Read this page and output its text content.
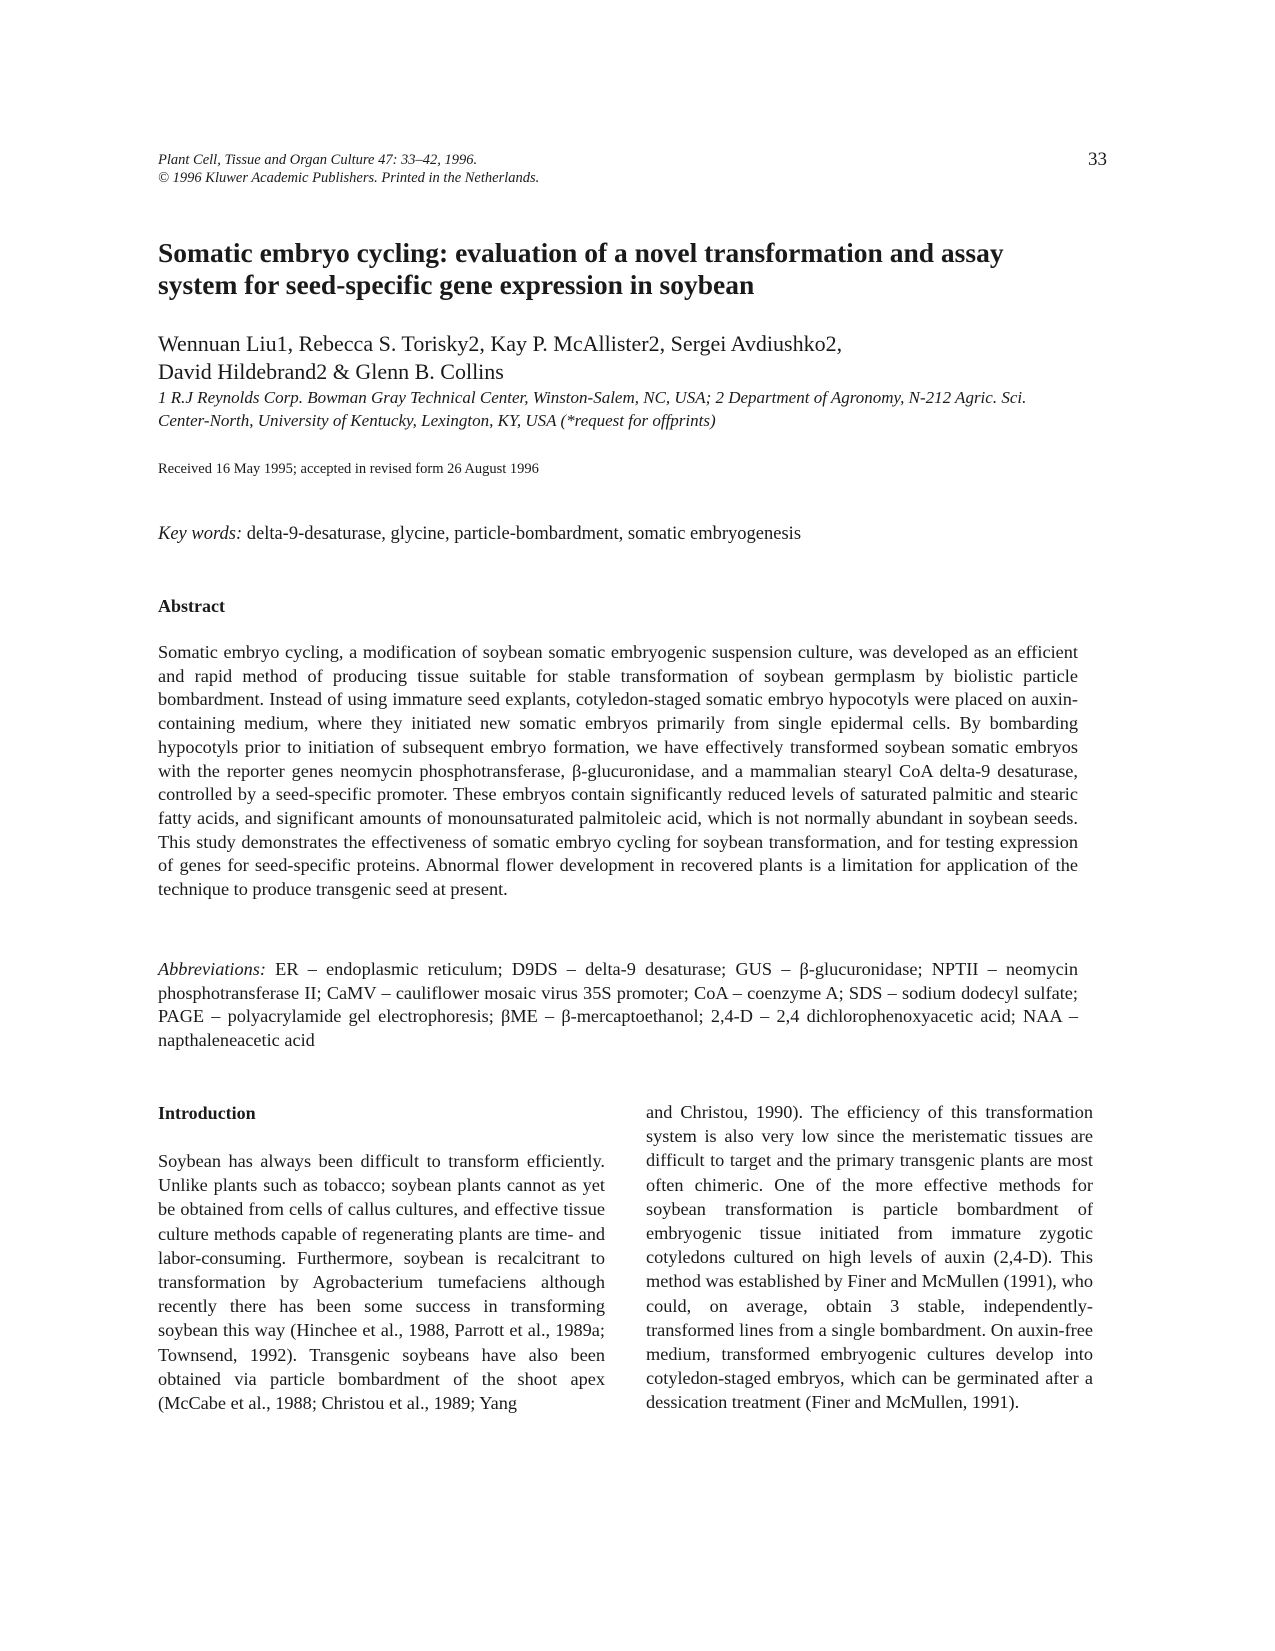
Plant Cell, Tissue and Organ Culture 47: 33–42, 1996.
© 1996 Kluwer Academic Publishers. Printed in the Netherlands.
33
Somatic embryo cycling: evaluation of a novel transformation and assay system for seed-specific gene expression in soybean
Wennuan Liu1, Rebecca S. Torisky2, Kay P. McAllister2, Sergei Avdiushko2,
David Hildebrand2 & Glenn B. Collins
1 R.J Reynolds Corp. Bowman Gray Technical Center, Winston-Salem, NC, USA; 2 Department of Agronomy, N-212 Agric. Sci. Center-North, University of Kentucky, Lexington, KY, USA (*request for offprints)
Received 16 May 1995; accepted in revised form 26 August 1996
Key words: delta-9-desaturase, glycine, particle-bombardment, somatic embryogenesis
Abstract

Somatic embryo cycling, a modification of soybean somatic embryogenic suspension culture, was developed as an efficient and rapid method of producing tissue suitable for stable transformation of soybean germplasm by biolistic particle bombardment. Instead of using immature seed explants, cotyledon-staged somatic embryo hypocotyls were placed on auxin-containing medium, where they initiated new somatic embryos primarily from single epidermal cells. By bombarding hypocotyls prior to initiation of subsequent embryo formation, we have effectively transformed soybean somatic embryos with the reporter genes neomycin phosphotransferase, β-glucuronidase, and a mammalian stearyl CoA delta-9 desaturase, controlled by a seed-specific promoter. These embryos contain significantly reduced levels of saturated palmitic and stearic fatty acids, and significant amounts of monounsaturated palmitoleic acid, which is not normally abundant in soybean seeds. This study demonstrates the effectiveness of somatic embryo cycling for soybean transformation, and for testing expression of genes for seed-specific proteins. Abnormal flower development in recovered plants is a limitation for application of the technique to produce transgenic seed at present.

Abbreviations: ER – endoplasmic reticulum; D9DS – delta-9 desaturase; GUS – β-glucuronidase; NPTII – neomycin phosphotransferase II; CaMV – cauliflower mosaic virus 35S promoter; CoA – coenzyme A; SDS – sodium dodecyl sulfate; PAGE – polyacrylamide gel electrophoresis; βME – β-mercaptoethanol; 2,4-D – 2,4 dichlorophenoxyacetic acid; NAA – napthaleneacetic acid

Introduction

Soybean has always been difficult to transform efficiently. Unlike plants such as tobacco; soybean plants cannot as yet be obtained from cells of callus cultures, and effective tissue culture methods capable of regenerating plants are time- and labor-consuming. Furthermore, soybean is recalcitrant to transformation by Agrobacterium tumefaciens although recently there has been some success in transforming soybean this way (Hinchee et al., 1988, Parrott et al., 1989a; Townsend, 1992). Transgenic soybeans have also been obtained via particle bombardment of the shoot apex (McCabe et al., 1988; Christou et al., 1989; Yang

and Christou, 1990). The efficiency of this transformation system is also very low since the meristematic tissues are difficult to target and the primary transgenic plants are most often chimeric. One of the more effective methods for soybean transformation is particle bombardment of embryogenic tissue initiated from immature zygotic cotyledons cultured on high levels of auxin (2,4-D). This method was established by Finer and McMullen (1991), who could, on average, obtain 3 stable, independently-transformed lines from a single bombardment. On auxin-free medium, transformed embryogenic cultures develop into cotyledon-staged embryos, which can be germinated after a dessication treatment (Finer and McMullen, 1991).
